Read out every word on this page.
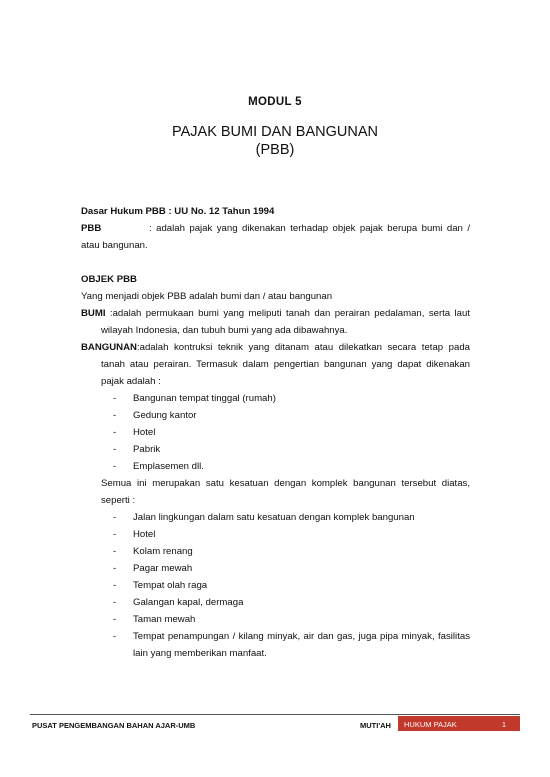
MODUL 5
PAJAK BUMI DAN BANGUNAN
(PBB)

Dasar Hukum PBB : UU No. 12 Tahun 1994

PBB	: adalah pajak yang dikenakan terhadap objek pajak berupa bumi dan / atau bangunan.

OBJEK PBB

Yang menjadi objek PBB adalah bumi dan / atau bangunan

BUMI :adalah permukaan bumi yang meliputi tanah dan perairan pedalaman, serta laut wilayah Indonesia, dan tubuh bumi yang ada dibawahnya.
BANGUNAN:adalah kontruksi teknik yang ditanam atau dilekatkan secara tetap pada tanah atau perairan. Termasuk dalam pengertian bangunan yang dapat dikenakan pajak adalah :
- Bangunan tempat tinggal (rumah)
- Gedung kantor
- Hotel
- Pabrik
- Emplasemen dll.
Semua ini merupakan satu kesatuan dengan komplek bangunan tersebut diatas, seperti :
- Jalan lingkungan dalam satu kesatuan dengan komplek bangunan
- Hotel
- Kolam renang
- Pagar mewah
- Tempat olah raga
- Galangan kapal, dermaga
- Taman mewah
- Tempat penampungan / kilang minyak, air dan gas, juga pipa minyak, fasilitas lain yang memberikan manfaat.
PUSAT PENGEMBANGAN BAHAN AJAR-UMB	MUTI'AH HUKUM PAJAK	1
